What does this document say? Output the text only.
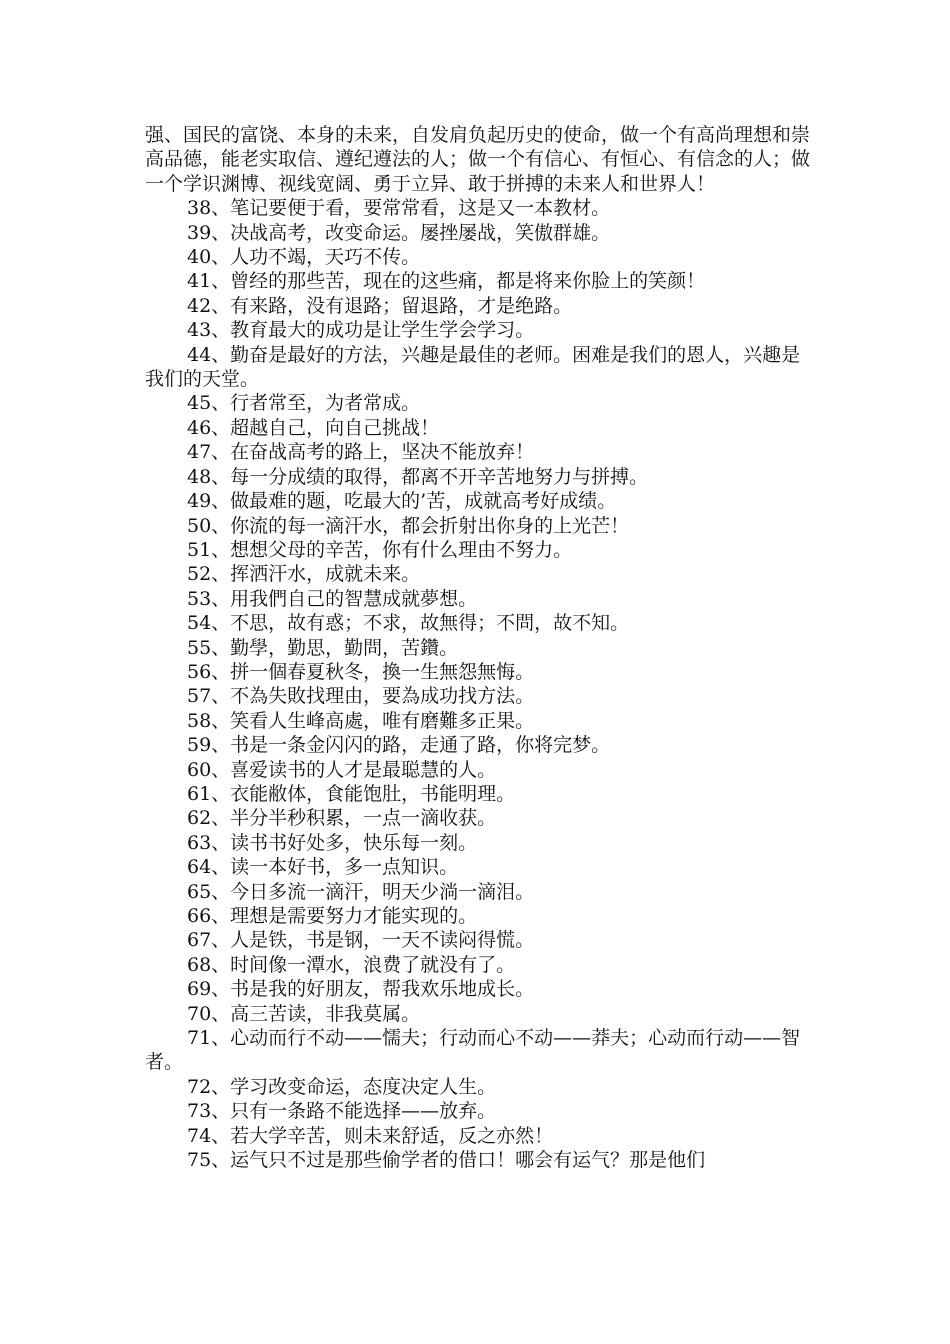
强、国民的富饶、本身的未来，自发肩负起历史的使命，做一个有高尚理想和崇高品德，能老实取信、遵纪遵法的人；做一个有信心、有恒心、有信念的人；做一个学识渊博、视线宽阔、勇于立异、敢于拼搏的未来人和世界人！

38、笔记要便于看，要常常看，这是又一本教材。

39、决战高考，改变命运。屡挫屡战，笑傲群雄。

40、人功不竭，天巧不传。

41、曾经的那些苦，现在的这些痛，都是将来你脸上的笑颜！

42、有来路，没有退路；留退路，才是绝路。

43、教育最大的成功是让学生学会学习。

44、勤奋是最好的方法，兴趣是最佳的老师。困难是我们的恩人，兴趣是我们的天堂。

45、行者常至，为者常成。

46、超越自己，向自己挑战！

47、在奋战高考的路上，坚决不能放弃！

48、每一分成绩的取得，都离不开辛苦地努力与拼搏。

49、做最难的题，吃最大的’苦，成就高考好成绩。

50、你流的每一滴汗水，都会折射出你身的上光芒！

51、想想父母的辛苦，你有什么理由不努力。

52、挥洒汗水，成就未来。

53、用我們自己的智慧成就夢想。

54、不思，故有惑；不求，故無得；不問，故不知。

55、勤學，勤思，勤問，苦鑽。

56、拼一個春夏秋冬，換一生無怨無悔。

57、不為失敗找理由，要為成功找方法。

58、笑看人生峰高處，唯有磨難多正果。

59、书是一条金闪闪的路，走通了路，你将完梦。

60、喜爱读书的人才是最聪慧的人。

61、衣能敝体，食能饱肚，书能明理。

62、半分半秒积累，一点一滴收获。

63、读书书好处多，快乐每一刻。

64、读一本好书，多一点知识。

65、今日多流一滴汗，明天少淌一滴泪。

66、理想是需要努力才能实现的。

67、人是铁，书是钢，一天不读闷得慌。

68、时间像一潭水，浪费了就没有了。

69、书是我的好朋友，帮我欢乐地成长。

70、高三苦读，非我莫属。

71、心动而行不动——懦夫；行动而心不动——莽夫；心动而行动——智者。

72、学习改变命运，态度决定人生。

73、只有一条路不能选择——放弃。

74、若大学辛苦，则未来舒适，反之亦然！

75、运气只不过是那些偷学者的借口！哪会有运气？那是他们
